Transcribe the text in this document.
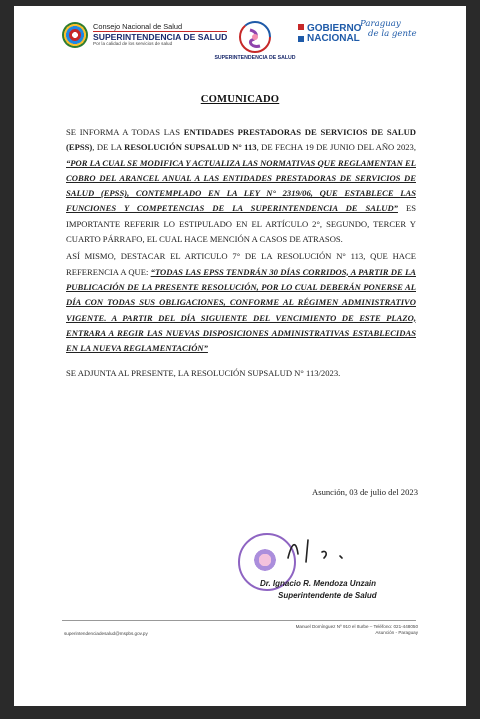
Consejo Nacional de Salud
SUPERINTENDENCIA DE SALUD
Por la calidad de los servicios de salud
SUPERINTENDENCIA DE SALUD
GOBIERNO
NACIONAL
Paraguay
de la gente
COMUNICADO

SE INFORMA A TODAS LAS ENTIDADES PRESTADORAS DE SERVICIOS DE SALUD (EPSS), DE LA RESOLUCIÓN SUPSALUD N° 113, DE FECHA 19 DE JUNIO DEL AÑO 2023, “POR LA CUAL SE MODIFICA Y ACTUALIZA LAS NORMATIVAS QUE REGLAMENTAN EL COBRO DEL ARANCEL ANUAL A LAS ENTIDADES PRESTADORAS DE SERVICIOS DE SALUD (EPSS), CONTEMPLADO EN LA LEY N° 2319/06, QUE ESTABLECE LAS FUNCIONES Y COMPETENCIAS DE LA SUPERINTENDENCIA DE SALUD” ES IMPORTANTE REFERIR LO ESTIPULADO EN EL ARTÍCULO 2°, SEGUNDO, TERCER Y CUARTO PÁRRAFO, EL CUAL HACE MENCIÓN A CASOS DE ATRASOS.

ASÍ MISMO, DESTACAR EL ARTICULO 7° DE LA RESOLUCIÓN N° 113, QUE HACE REFERENCIA A QUE: “TODAS LAS EPSS TENDRÁN 30 DÍAS CORRIDOS, A PARTIR DE LA PUBLICACIÓN DE LA PRESENTE RESOLUCIÓN, POR LO CUAL DEBERÁN PONERSE AL DÍA CON TODAS SUS OBLIGACIONES, CONFORME AL RÉGIMEN ADMINISTRATIVO VIGENTE. A PARTIR DEL DÍA SIGUIENTE DEL VENCIMIENTO DE ESTE PLAZO, ENTRARA A REGIR LAS NUEVAS DISPOSICIONES ADMINISTRATIVAS ESTABLECIDAS EN LA NUEVA REGLAMENTACIÓN”

SE ADJUNTA AL PRESENTE, LA RESOLUCIÓN SUPSALUD N° 113/2023.

Asunción, 03 de julio del 2023
Dr. Ignacio R. Mendoza Unzain
Superintendente de Salud
superintendenciadesalud@mspbs.gov.py
Manuel Domínguez Nº 910 el Iturbe – Teléfono: 021-448050
Asunción - Paraguay
